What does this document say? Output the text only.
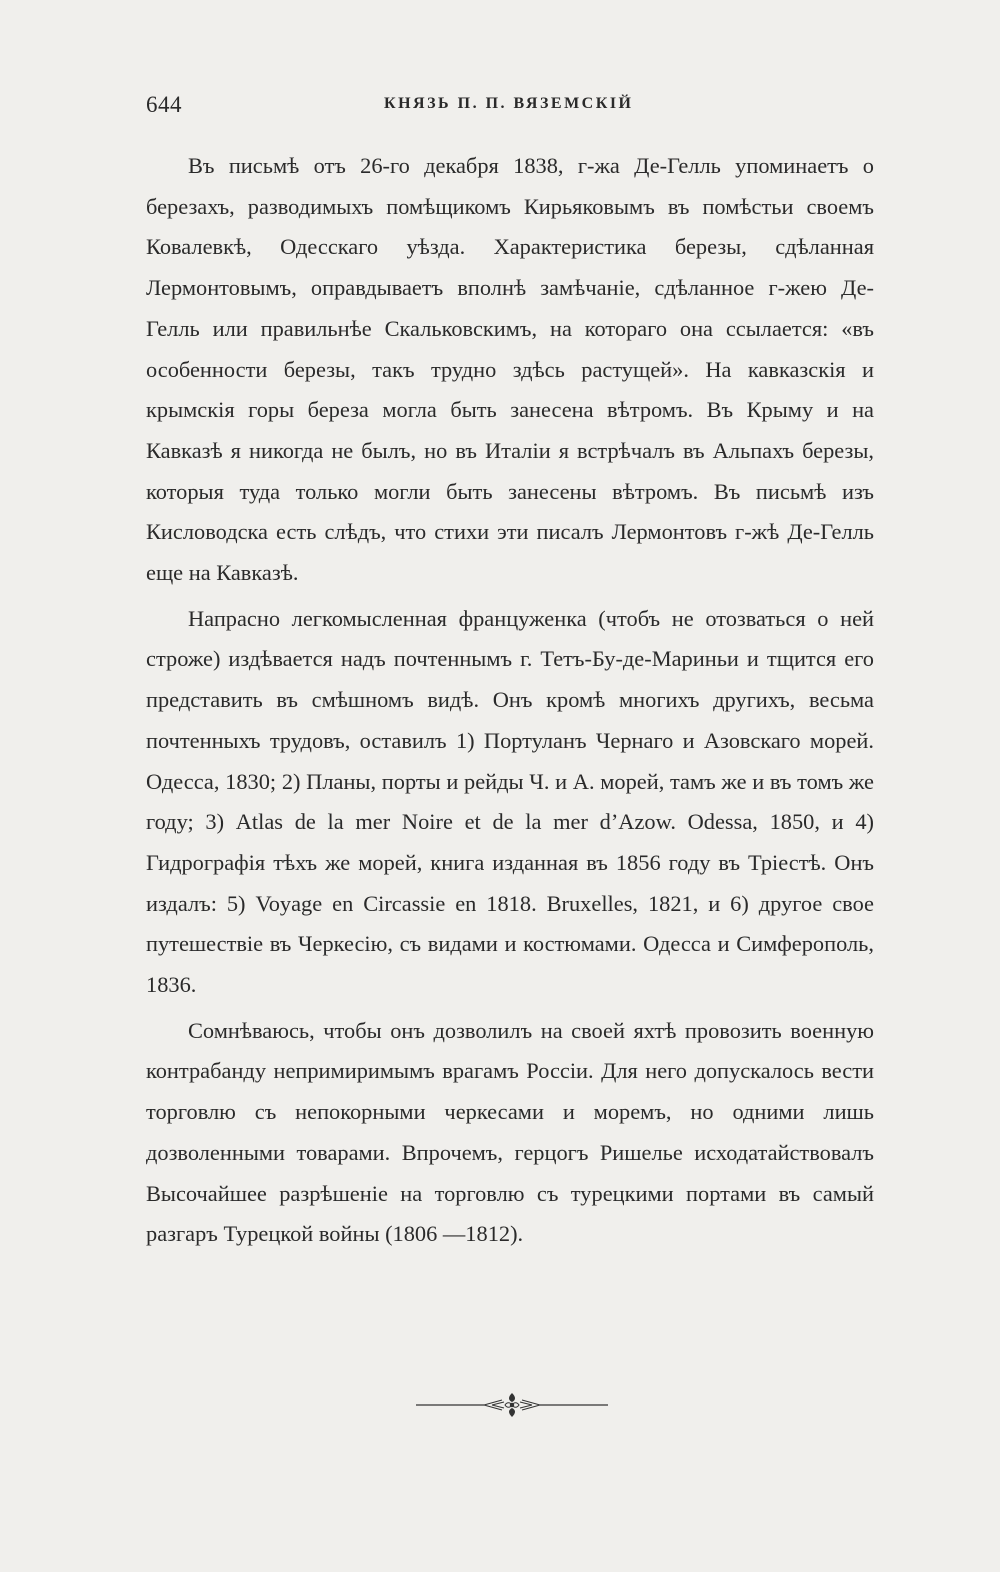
644	КНЯЗЬ П. П. ВЯЗЕМСКІЙ

Въ письмѣ отъ 26-го декабря 1838, г-жа Де-Гелль упоминаетъ о березахъ, разводимыхъ помѣщикомъ Кирьяковымъ въ помѣстьи своемъ Ковалевкѣ, Одесскаго уѣзда. Характеристика березы, сдѣланная Лермонтовымъ, оправдываетъ вполнѣ замѣчаніе, сдѣланное г-жею Де-Гелль или правильнѣе Скальковскимъ, на котораго она ссылается: «въ особенности березы, такъ трудно здѣсь растущей». На кавказскія и крымскія горы береза могла быть занесена вѣтромъ. Въ Крыму и на Кавказѣ я никогда не былъ, но въ Италіи я встрѣчалъ въ Альпахъ березы, которыя туда только могли быть занесены вѣтромъ. Въ письмѣ изъ Кисловодска есть слѣдъ, что стихи эти писалъ Лермонтовъ г-жѣ Де-Гелль еще на Кавказѣ.

Напрасно легкомысленная француженка (чтобъ не отозваться о ней строже) издѣвается надъ почтеннымъ г. Тетъ-Бу-де-Мариньи и тщится его представить въ смѣшномъ видѣ. Онъ кромѣ многихъ другихъ, весьма почтенныхъ трудовъ, оставилъ 1) Портуланъ Чернаго и Азовскаго морей. Одесса, 1830; 2) Планы, порты и рейды Ч. и А. морей, тамъ же и въ томъ же году; 3) Atlas de la mer Noire et de la mer d’Azow. Odessa, 1850, и 4) Гидрографія тѣхъ же морей, книга изданная въ 1856 году въ Тріестѣ. Онъ издалъ: 5) Voyage en Circassie en 1818. Bruxelles, 1821, и 6) другое свое путешествіе въ Черкесію, съ видами и костюмами. Одесса и Симферополь, 1836.

Сомнѣваюсь, чтобы онъ дозволилъ на своей яхтѣ провозить военную контрабанду непримиримымъ врагамъ Россіи. Для него допускалось вести торговлю съ непокорными черкесами и моремъ, но одними лишь дозволенными товарами. Впрочемъ, герцогъ Ришелье исходатайствовалъ Высочайшее разрѣшеніе на торговлю съ турецкими портами въ самый разгаръ Турецкой войны (1806 —1812).
